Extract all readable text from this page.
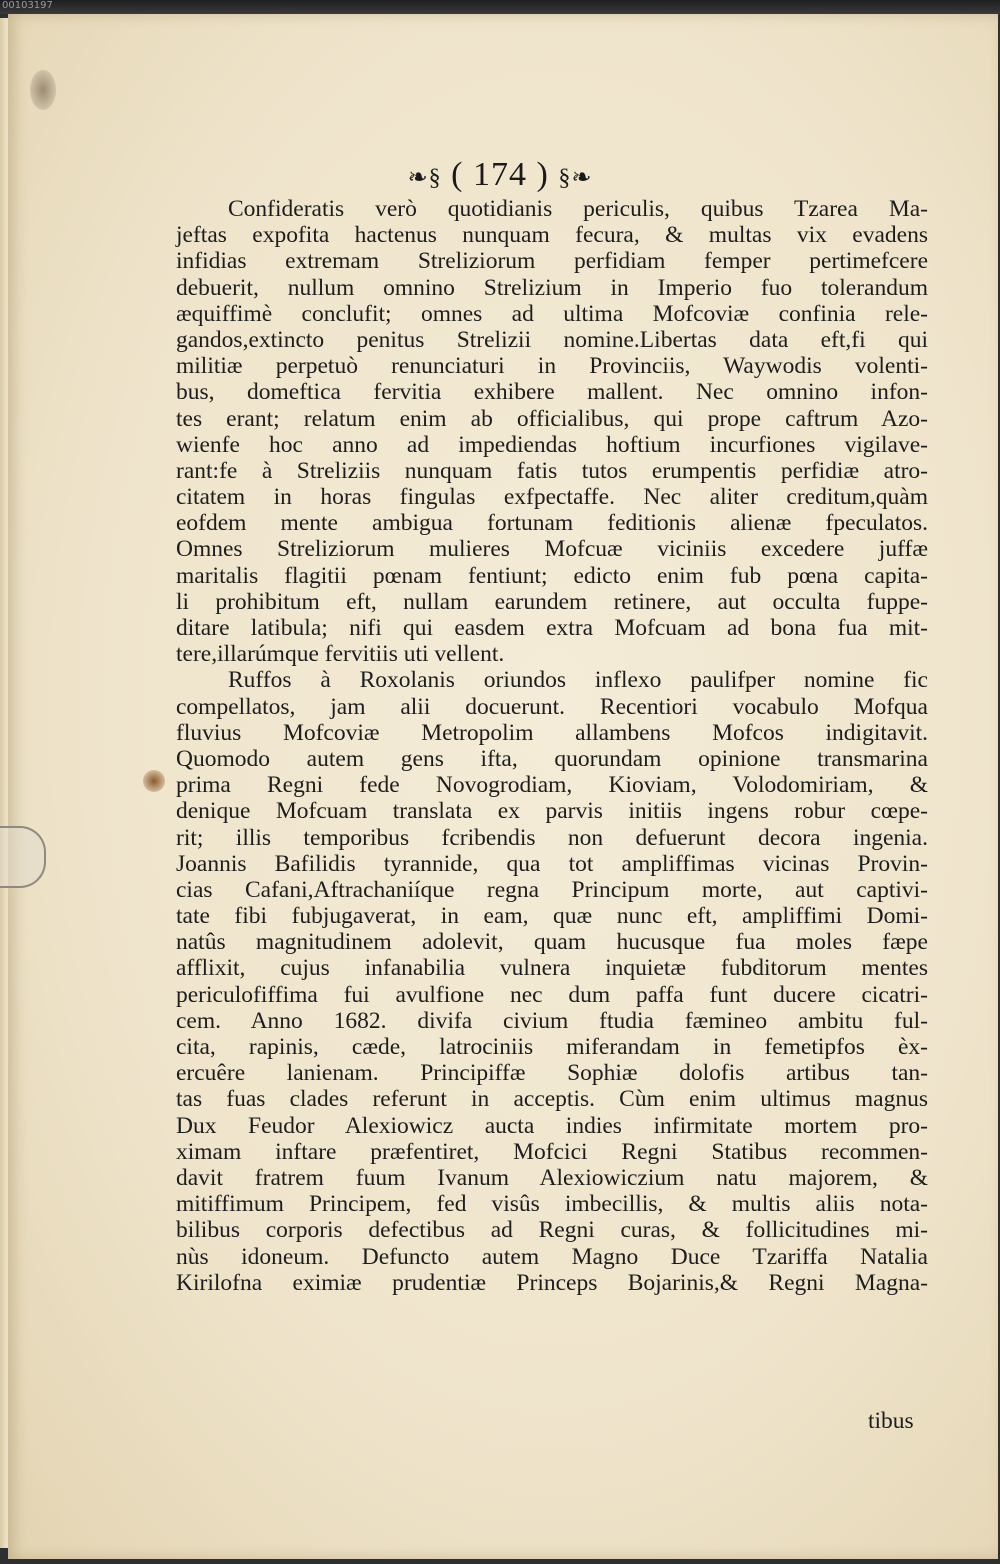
00103197
❧§ ( 174 ) §❧
Confideratis verò quotidianis periculis, quibus Tzarea Ma-
jeftas expofita hactenus nunquam fecura, & multas vix evadens
infidias extremam Streliziorum perfidiam femper pertimefcere
debuerit, nullum omnino Strelizium in Imperio fuo tolerandum
æquiffimè conclufit; omnes ad ultima Mofcoviæ confinia rele-
gandos,extincto penitus Strelizii nomine.Libertas data eft,fi qui
militiæ perpetuò renunciaturi in Provinciis, Waywodis volenti-
bus, domeftica fervitia exhibere mallent. Nec omnino infon-
tes erant; relatum enim ab officialibus, qui prope caftrum Azo-
wienfe hoc anno ad impediendas hoftium incurfiones vigilave-
rant:fe à Streliziis nunquam fatis tutos erumpentis perfidiæ atro-
citatem in horas fingulas exfpectaffe. Nec aliter creditum,quàm
eofdem mente ambigua fortunam feditionis alienæ fpeculatos.
Omnes Streliziorum mulieres Mofcuæ viciniis excedere juffæ
maritalis flagitii pœnam fentiunt; edicto enim fub pœna capita-
li prohibitum eft, nullam earundem retinere, aut occulta fuppe-
ditare latibula; nifi qui easdem extra Mofcuam ad bona fua mit-
tere,illarúmque fervitiis uti vellent.
Ruffos à Roxolanis oriundos inflexo paulifper nomine fic
compellatos, jam alii docuerunt. Recentiori vocabulo Mofqua
fluvius Mofcoviæ Metropolim allambens Mofcos indigitavit.
Quomodo autem gens ifta, quorundam opinione transmarina
prima Regni fede Novogrodiam, Kioviam, Volodomiriam, &
denique Mofcuam translata ex parvis initiis ingens robur cœpe-
rit; illis temporibus fcribendis non defuerunt decora ingenia.
Joannis Bafilidis tyrannide, qua tot ampliffimas vicinas Provin-
cias Cafani,Aftrachaniíque regna Principum morte, aut captivi-
tate fibi fubjugaverat, in eam, quæ nunc eft, ampliffimi Domi-
natûs magnitudinem adolevit, quam hucusque fua moles fæpe
afflixit, cujus infanabilia vulnera inquietæ fubditorum mentes
periculofiffima fui avulfione nec dum paffa funt ducere cicatri-
cem. Anno 1682. divifa civium ftudia fæmineo ambitu ful-
cita, rapinis, cæde, latrociniis miferandam in femetipfos èx-
ercuêre lanienam. Principiffæ Sophiæ dolofis artibus tan-
tas fuas clades referunt in acceptis. Cùm enim ultimus magnus
Dux Feudor Alexiowicz aucta indies infirmitate mortem pro-
ximam inftare præfentiret, Mofcici Regni Statibus recommen-
davit fratrem fuum Ivanum Alexiowiczium natu majorem, &
mitiffimum Principem, fed visûs imbecillis, & multis aliis nota-
bilibus corporis defectibus ad Regni curas, & follicitudines mi-
nùs idoneum. Defuncto autem Magno Duce Tzariffa Natalia
Kirilofna eximiæ prudentiæ Princeps Bojarinis,& Regni Magna-
tibus
